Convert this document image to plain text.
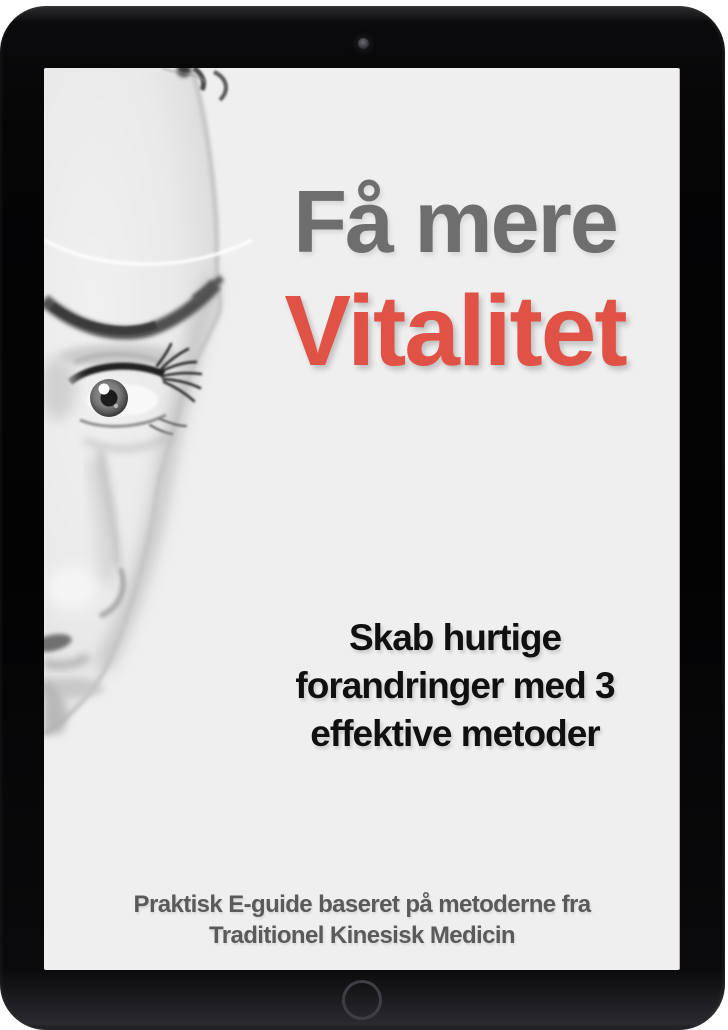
Få mere
Vitalitet
Skab hurtige
forandringer med 3
effektive metoder
Praktisk E-guide baseret på metoderne fra
Traditionel Kinesisk Medicin
